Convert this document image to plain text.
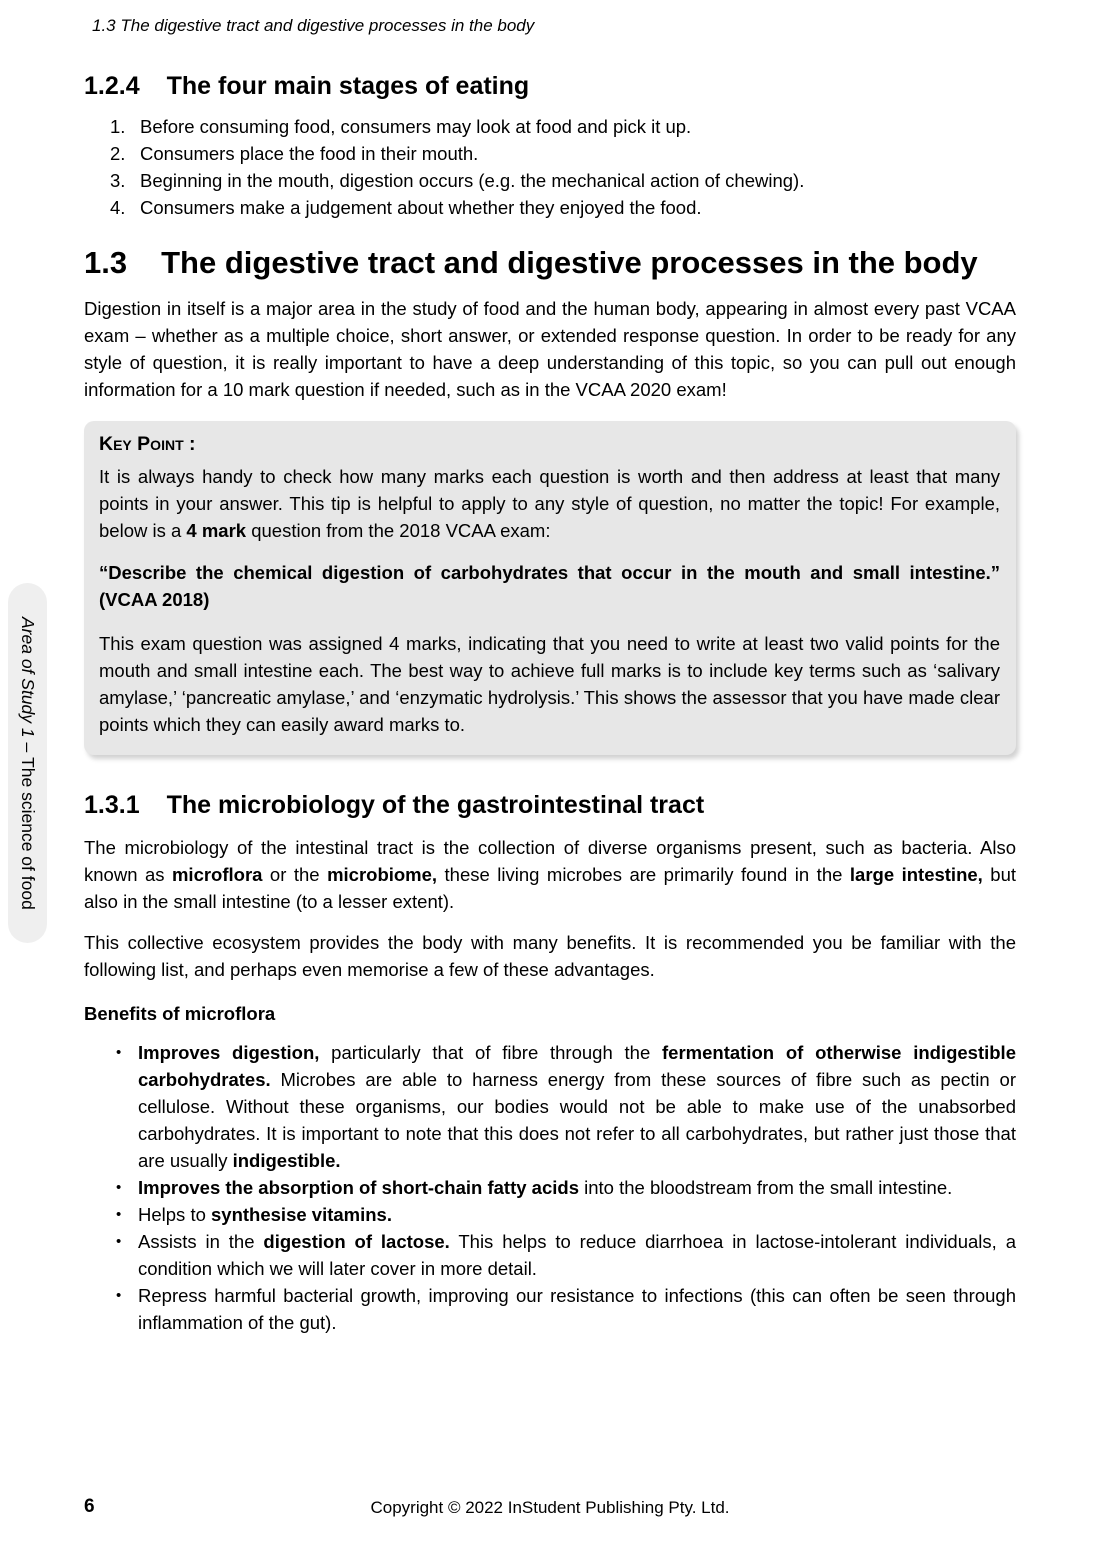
1.3 The digestive tract and digestive processes in the body
1.2.4 The four main stages of eating
1. Before consuming food, consumers may look at food and pick it up.
2. Consumers place the food in their mouth.
3. Beginning in the mouth, digestion occurs (e.g. the mechanical action of chewing).
4. Consumers make a judgement about whether they enjoyed the food.
1.3 The digestive tract and digestive processes in the body

Digestion in itself is a major area in the study of food and the human body, appearing in almost every past VCAA exam – whether as a multiple choice, short answer, or extended response question. In order to be ready for any style of question, it is really important to have a deep understanding of this topic, so you can pull out enough information for a 10 mark question if needed, such as in the VCAA 2020 exam!

Key Point :

It is always handy to check how many marks each question is worth and then address at least that many points in your answer. This tip is helpful to apply to any style of question, no matter the topic! For example, below is a 4 mark question from the 2018 VCAA exam:

“Describe the chemical digestion of carbohydrates that occur in the mouth and small intestine.” (VCAA 2018)

This exam question was assigned 4 marks, indicating that you need to write at least two valid points for the mouth and small intestine each. The best way to achieve full marks is to include key terms such as ‘salivary amylase,’ ‘pancreatic amylase,’ and ‘enzymatic hydrolysis.’ This shows the assessor that you have made clear points which they can easily award marks to.

1.3.1 The microbiology of the gastrointestinal tract

The microbiology of the intestinal tract is the collection of diverse organisms present, such as bacteria. Also known as microflora or the microbiome, these living microbes are primarily found in the large intestine, but also in the small intestine (to a lesser extent).

This collective ecosystem provides the body with many benefits. It is recommended you be familiar with the following list, and perhaps even memorise a few of these advantages.

Benefits of microflora

• Improves digestion, particularly that of fibre through the fermentation of otherwise indigestible carbohydrates. Microbes are able to harness energy from these sources of fibre such as pectin or cellulose. Without these organisms, our bodies would not be able to make use of the unabsorbed carbohydrates. It is important to note that this does not refer to all carbohydrates, but rather just those that are usually indigestible.
• Improves the absorption of short-chain fatty acids into the bloodstream from the small intestine.
• Helps to synthesise vitamins.
• Assists in the digestion of lactose. This helps to reduce diarrhoea in lactose-intolerant individuals, a condition which we will later cover in more detail.
• Repress harmful bacterial growth, improving our resistance to infections (this can often be seen through inflammation of the gut).
Area of Study 1 – The science of food
6	Copyright © 2022 InStudent Publishing Pty. Ltd.
